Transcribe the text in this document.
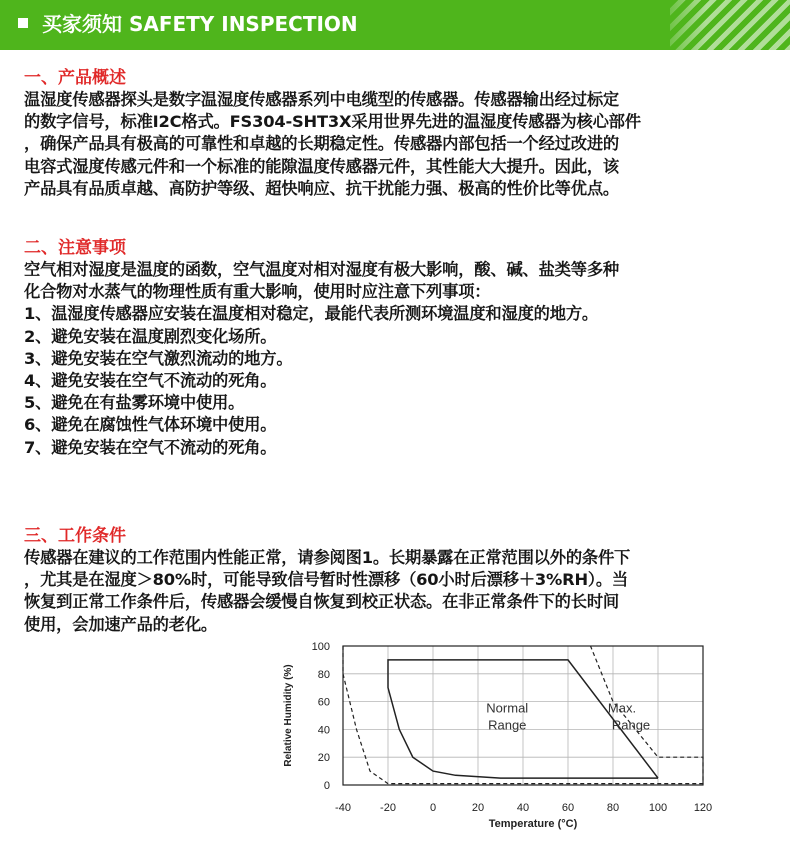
买家须知 SAFETY INSPECTION
一、产品概述
温湿度传感器探头是数字温湿度传感器系列中电缆型的传感器。传感器输出经过标定
的数字信号，标准I2C格式。FS304-SHT3X采用世界先进的温湿度传感器为核心部件
，确保产品具有极高的可靠性和卓越的长期稳定性。传感器内部包括一个经过改进的
电容式湿度传感元件和一个标准的能隙温度传感器元件，其性能大大提升。因此，该
产品具有品质卓越、高防护等级、超快响应、抗干扰能力强、极高的性价比等优点。
二、注意事项
空气相对湿度是温度的函数，空气温度对相对湿度有极大影响，酸、碱、盐类等多种
化合物对水蒸气的物理性质有重大影响，使用时应注意下列事项：
1、温湿度传感器应安装在温度相对稳定，最能代表所测环境温度和湿度的地方。
2、避免安装在温度剧烈变化场所。
3、避免安装在空气激烈流动的地方。
4、避免安装在空气不流动的死角。
5、避免在有盐雾环境中使用。
6、避免在腐蚀性气体环境中使用。
7、避免安装在空气不流动的死角。
三、工作条件
传感器在建议的工作范围内性能正常，请参阅图1。长期暴露在正常范围以外的条件下
，尤其是在湿度＞80%时，可能导致信号暂时性漂移（60小时后漂移＋3%RH）。当
恢复到正常工作条件后，传感器会缓慢自恢复到校正状态。在非正常条件下的长时间
使用，会加速产品的老化。
-40	-20	0	20	40	60	80	100 120
0
20
40
60
80
100
Normal
Range
Max.
Range
Temperature (°C)
Relative Humidity (%)
